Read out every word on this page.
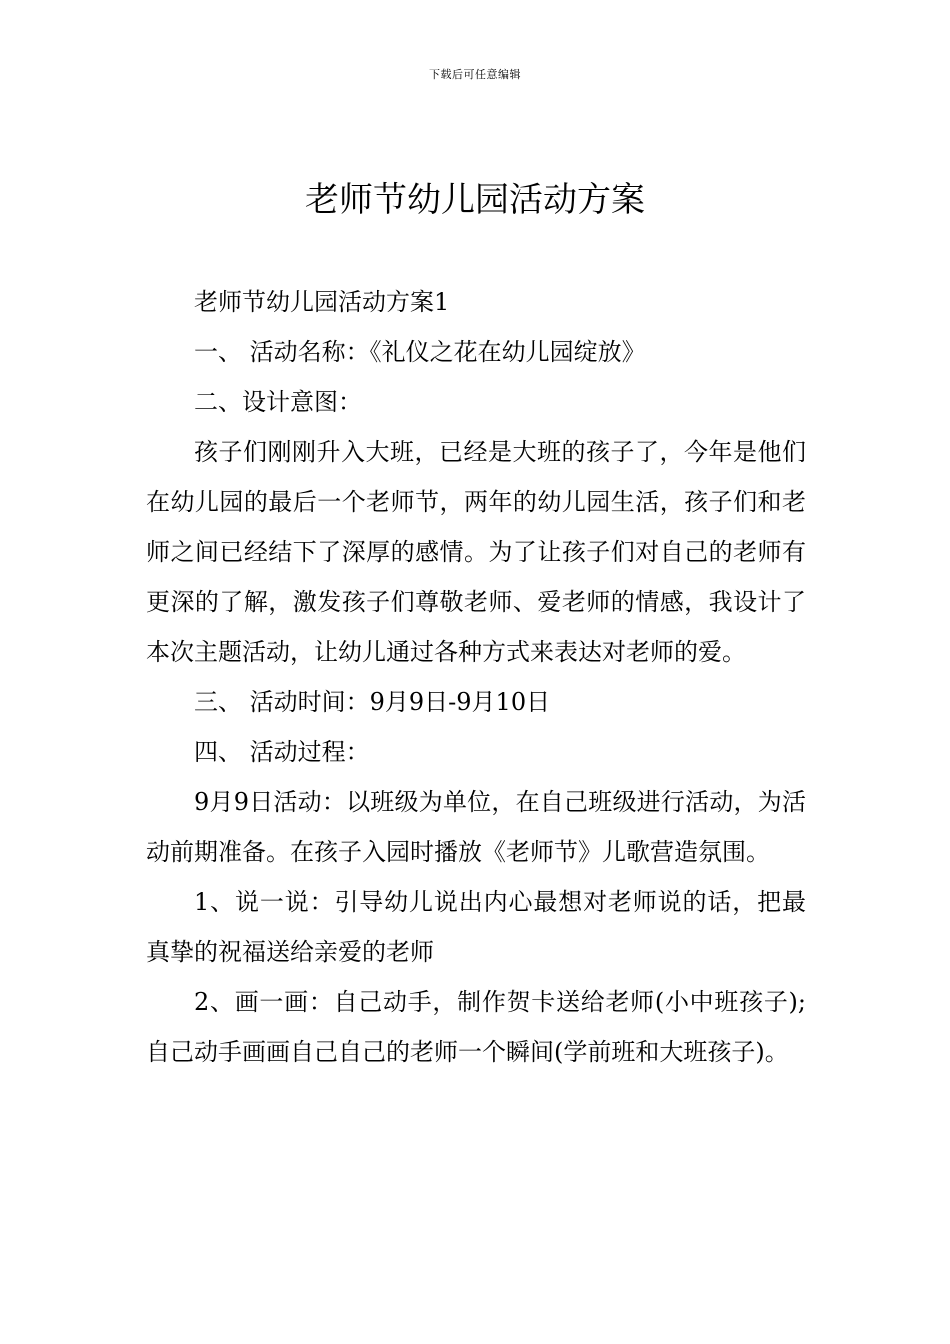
下载后可任意编辑
老师节幼儿园活动方案

老师节幼儿园活动方案1

一、 活动名称：《礼仪之花在幼儿园绽放》

二、设计意图：

孩子们刚刚升入大班，已经是大班的孩子了，今年是他们在幼儿园的最后一个老师节，两年的幼儿园生活，孩子们和老师之间已经结下了深厚的感情。为了让孩子们对自己的老师有更深的了解，激发孩子们尊敬老师、爱老师的情感，我设计了本次主题活动，让幼儿通过各种方式来表达对老师的爱。

三、 活动时间：9月9日-9月10日

四、 活动过程：

9月9日活动：以班级为单位，在自己班级进行活动，为活动前期准备。在孩子入园时播放《老师节》儿歌营造氛围。

1、说一说：引导幼儿说出内心最想对老师说的话，把最真挚的祝福送给亲爱的老师

2、画一画：自己动手，制作贺卡送给老师(小中班孩子);自己动手画画自己自己的老师一个瞬间(学前班和大班孩子)。
